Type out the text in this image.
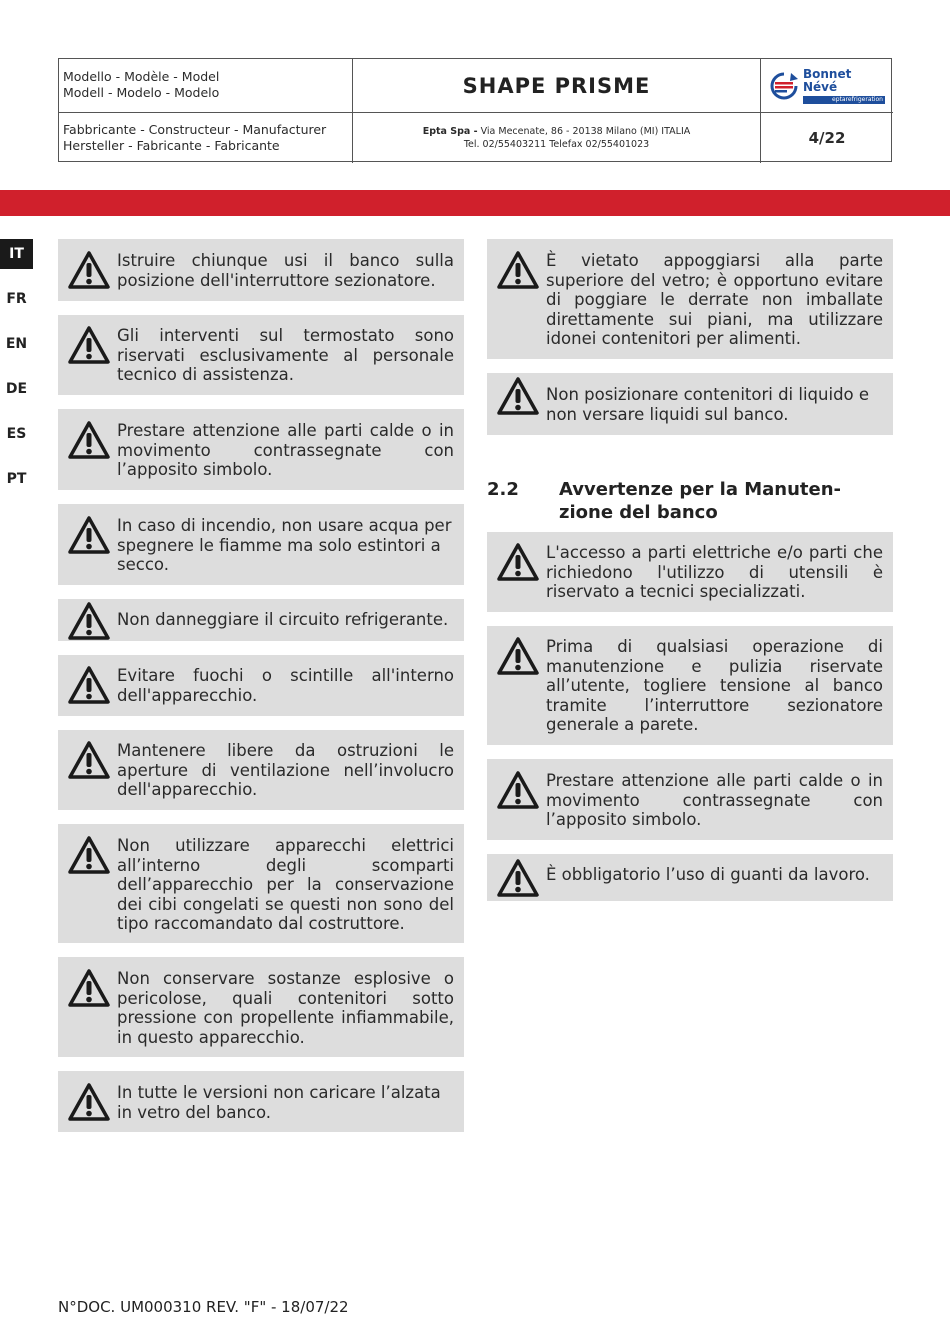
Modello - Modèle - Model
Modell - Modelo - Modelo	SHAPE PRISME	Bonnet
Névé
eptarefrigeration
Fabbricante - Constructeur - Manufacturer
Hersteller - Fabricante - Fabricante
Epta Spa - Via Mecenate, 86 - 20138 Milano (MI) ITALIA
Tel. 02/55403211 Telefax 02/55401023	4/22
IT
FR
EN
DE
ES
PT
Istruire chiunque usi il banco sulla posizione dell'interruttore sezionatore.
Gli interventi sul termostato sono riservati esclusivamente al personale tecnico di assistenza.
Prestare attenzione alle parti calde o in movimento contrassegnate con l’apposito simbolo.
In caso di incendio, non usare acqua per spegnere le fiamme ma solo estintori a secco.
Non danneggiare il circuito refrigerante.
Evitare fuochi o scintille all'interno dell'apparecchio.
Mantenere libere da ostruzioni le aperture di ventilazione nell’involucro dell'apparecchio.
Non utilizzare apparecchi elettrici all’interno degli scomparti dell’apparecchio per la conservazione dei cibi congelati se questi non sono del tipo raccomandato dal costruttore.
Non conservare sostanze esplosive o pericolose, quali contenitori sotto pressione con propellente infiammabile, in questo apparecchio.
In tutte le versioni non caricare l’alzata in vetro del banco.
È vietato appoggiarsi alla parte superiore del vetro; è opportuno evitare di poggiare le derrate non imballate direttamente sui piani, ma utilizzare idonei contenitori per alimenti.
Non posizionare contenitori di liquido e non versare liquidi sul banco.
2.2 Avvertenze per la Manuten-zione del banco
L'accesso a parti elettriche e/o parti che richiedono l'utilizzo di utensili è riservato a tecnici specializzati.
Prima di qualsiasi operazione di manutenzione e pulizia riservate all’utente, togliere tensione al banco tramite l’interruttore sezionatore generale a parete.
Prestare attenzione alle parti calde o in movimento contrassegnate con l’apposito simbolo.
È obbligatorio l’uso di guanti da lavoro.
N°DOC. UM000310 REV. "F" - 18/07/22
